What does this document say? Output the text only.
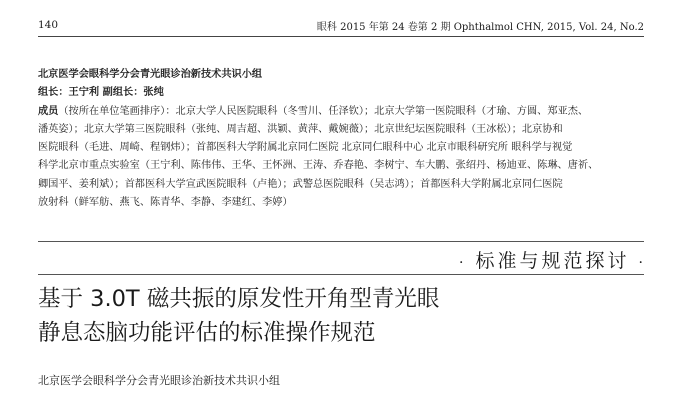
140	眼科 2015 年第 24 卷第 2 期 Ophthalmol CHN, 2015, Vol. 24, No.2

北京医学会眼科学分会青光眼诊治新技术共识小组

组长：王宁利 副组长：张纯

成员（按所在单位笔画排序）：北京大学人民医院眼科（冬雪川、任泽钦）；北京大学第一医院眼科（才瑜、方圆、郑亚杰、

潘英姿）；北京大学第三医院眼科（张纯、周吉超、洪颖、黄萍、戴婉薇）；北京世纪坛医院眼科（王冰松）；北京协和

医院眼科（毛进、周崎、程钢炜）；首都医科大学附属北京同仁医院 北京同仁眼科中心 北京市眼科研究所 眼科学与视觉

科学北京市重点实验室（王宁利、陈伟伟、王华、王怀洲、王涛、乔春艳、李树宁、车大鹏、张绍丹、杨迪亚、陈琳、唐祈、

卿国平、姜利斌）；首都医科大学宣武医院眼科（卢艳）；武警总医院眼科（吴志鸿）；首都医科大学附属北京同仁医院

放射科（鲜军舫、燕飞、陈青华、李静、李建红、李婷）

· 标准与规范探讨 ·
基于 3.0T 磁共振的原发性开角型青光眼
静息态脑功能评估的标准操作规范
北京医学会眼科学分会青光眼诊治新技术共识小组
